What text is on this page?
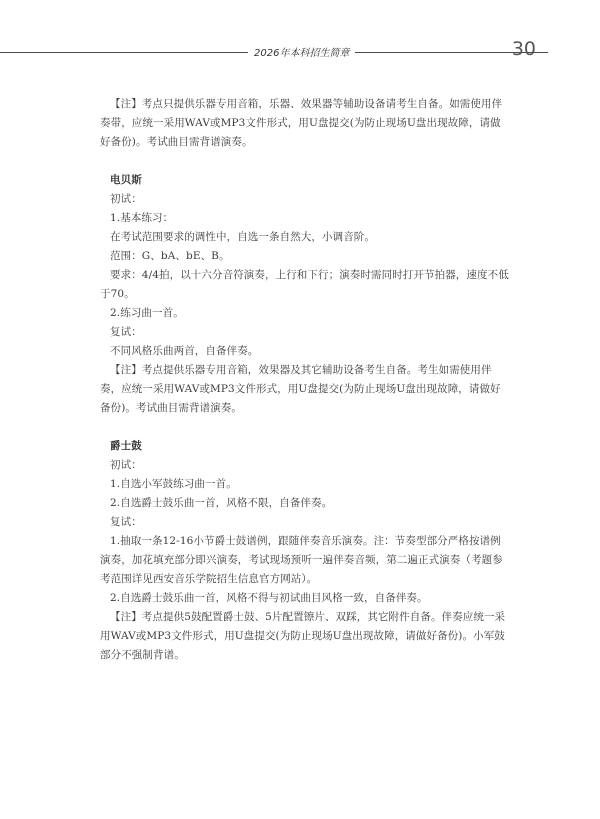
2026年本科招生简章	30

【注】考点只提供乐器专用音箱，乐器、效果器等辅助设备请考生自备。如需使用伴奏带，应统一采用WAV或MP3文件形式，用U盘提交(为防止现场U盘出现故障，请做好备份)。考试曲目需背谱演奏。

电贝斯

初试：

1.基本练习：

在考试范围要求的调性中，自选一条自然大，小调音阶。

范围：G、bA、bE、B。

要求：4/4拍，以十六分音符演奏，上行和下行；演奏时需同时打开节拍器，速度不低于70。

2.练习曲一首。

复试：

不同风格乐曲两首，自备伴奏。

【注】考点提供乐器专用音箱，效果器及其它辅助设备考生自备。考生如需使用伴奏，应统一采用WAV或MP3文件形式，用U盘提交(为防止现场U盘出现故障，请做好备份)。考试曲目需背谱演奏。

爵士鼓

初试：

1.自选小军鼓练习曲一首。

2.自选爵士鼓乐曲一首，风格不限，自备伴奏。

复试：

1.抽取一条12-16小节爵士鼓谱例，跟随伴奏音乐演奏。注：节奏型部分严格按谱例演奏，加花填充部分即兴演奏，考试现场预听一遍伴奏音频，第二遍正式演奏（考题参考范围详见西安音乐学院招生信息官方网站）。

2.自选爵士鼓乐曲一首，风格不得与初试曲目风格一致，自备伴奏。

【注】考点提供5鼓配置爵士鼓、5片配置镲片、双踩，其它附件自备。伴奏应统一采用WAV或MP3文件形式，用U盘提交(为防止现场U盘出现故障，请做好备份)。小军鼓部分不强制背谱。
